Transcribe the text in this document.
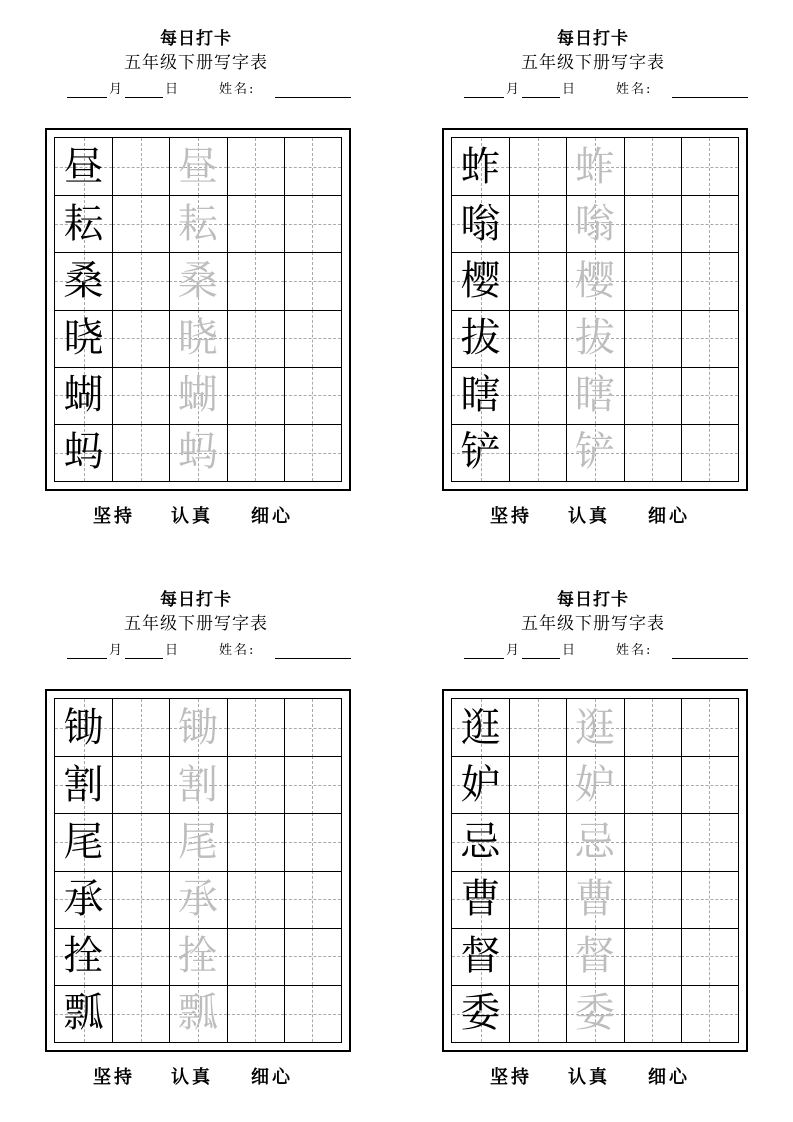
每日打卡
五年级下册写字表
月	日	姓名:
昼 昼
耘 耘
桑 桑
晓 晓
蝴 蝴
蚂 蚂
坚持 认真 细心
每日打卡
五年级下册写字表
月	日	姓名:
蚱 蚱
嗡 嗡
樱 樱
拔 拔
瞎 瞎
铲 铲
坚持 认真 细心
每日打卡
五年级下册写字表
月	日	姓名:
锄 锄
割 割
尾 尾
承 承
拴 拴
瓢 瓢
坚持 认真 细心
每日打卡
五年级下册写字表
月	日	姓名:
逛 逛
妒 妒
忌 忌
曹 曹
督 督
委 委
坚持 认真 细心
